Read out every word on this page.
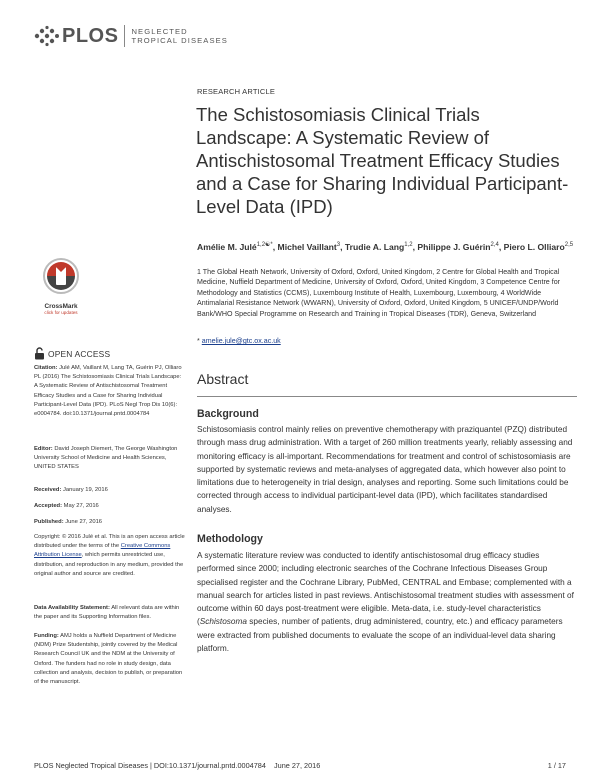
PLOS NEGLECTED
TROPICAL DISEASES
RESEARCH ARTICLE
The Schistosomiasis Clinical Trials Landscape: A Systematic Review of Antischistosomal Treatment Efficacy Studies and a Case for Sharing Individual Participant-Level Data (IPD)
Amélie M. Julé$^{1,2☯*}$, Michel Vaillant$^3$, Trudie A. Lang$^{1,2}$, Philippe J. Guérin$^{2,4}$, Piero L. Olliaro$^{2,5}$
1 The Global Heath Network, University of Oxford, Oxford, United Kingdom, 2 Centre for Global Health and Tropical Medicine, Nuffield Department of Medicine, University of Oxford, Oxford, United Kingdom, 3 Competence Centre for Methodology and Statistics (CCMS), Luxembourg Institute of Health, Luxembourg, Luxembourg, 4 WorldWide Antimalarial Resistance Network (WWARN), University of Oxford, Oxford, United Kingdom, 5 UNICEF/UNDP/World Bank/WHO Special Programme on Research and Training in Tropical Diseases (TDR), Geneva, Switzerland
* amelie.jule@gtc.ox.ac.uk
CrossMark
click for updates
OPEN ACCESS
Citation: Julé AM, Vaillant M, Lang TA, Guérin PJ, Olliaro PL (2016) The Schistosomiasis Clinical Trials Landscape: A Systematic Review of Antischistosomal Treatment Efficacy Studies and a Case for Sharing Individual Participant-Level Data (IPD). PLoS Negl Trop Dis 10(6): e0004784. doi:10.1371/journal.pntd.0004784
Editor: David Joseph Diemert, The George Washington University School of Medicine and Health Sciences, UNITED STATES
Received: January 19, 2016
Accepted: May 27, 2016
Published: June 27, 2016
Copyright: © 2016 Julé et al. This is an open access article distributed under the terms of the Creative Commons Attribution License, which permits unrestricted use, distribution, and reproduction in any medium, provided the original author and source are credited.
Data Availability Statement: All relevant data are within the paper and its Supporting Information files.
Funding: AMJ holds a Nuffield Department of Medicine (NDM) Prize Studentship, jointly covered by the Medical Research Council UK and the NDM at the University of Oxford. The funders had no role in study design, data collection and analysis, decision to publish, or preparation of the manuscript.
Abstract
Background
Schistosomiasis control mainly relies on preventive chemotherapy with praziquantel (PZQ) distributed through mass drug administration. With a target of 260 million treatments yearly, reliably assessing and monitoring efficacy is all-important. Recommendations for treatment and control of schistosomiasis are supported by systematic reviews and meta-analyses of aggregated data, which however also point to limitations due to heterogeneity in trial design, analyses and reporting. Some such limitations could be corrected through access to individual participant-level data (IPD), which facilitates standardised analyses.
Methodology
A systematic literature review was conducted to identify antischistosomal drug efficacy studies performed since 2000; including electronic searches of the Cochrane Infectious Diseases Group specialised register and the Cochrane Library, PubMed, CENTRAL and Embase; complemented with a manual search for articles listed in past reviews. Antischistosomal treatment studies with assessment of outcome within 60 days post-treatment were eligible. Meta-data, i.e. study-level characteristics (Schistosoma species, number of patients, drug administered, country, etc.) and efficacy parameters were extracted from published documents to evaluate the scope of an individual-level data sharing platform.
PLOS Neglected Tropical Diseases | DOI:10.1371/journal.pntd.0004784    June 27, 2016	1 / 17
